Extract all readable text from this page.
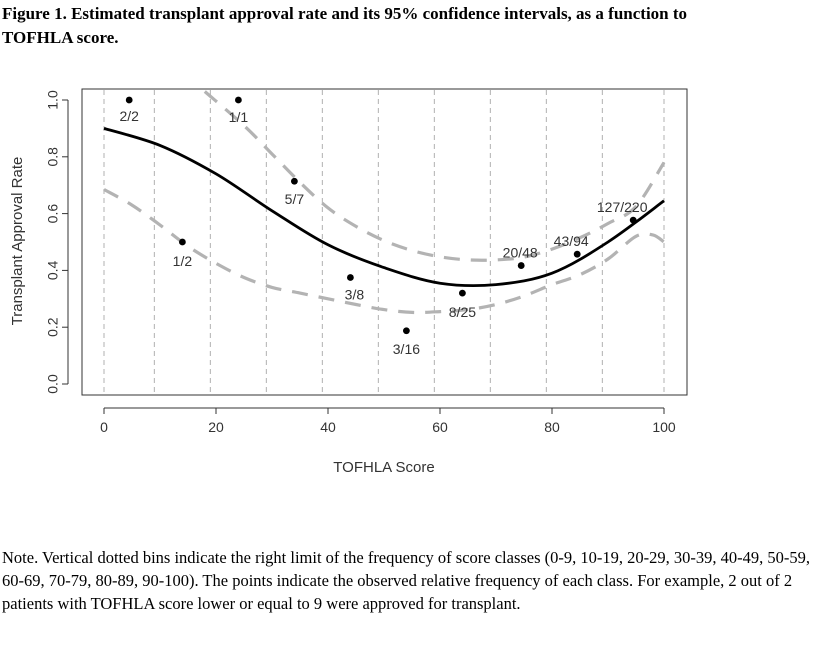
Figure 1. Estimated transplant approval rate and its 95% confidence intervals, as a function to TOFHLA score.
2/2
1/2
1/1
5/7
3/8
3/16
8/25
20/48
43/94
127/220
0	20	40	60	80	100
0.0
0.2
0.4
0.6
0.8
1.0
TOFHLA Score
Transplant Approval Rate
Note. Vertical dotted bins indicate the right limit of the frequency of score classes (0-9, 10-19, 20-29, 30-39, 40-49, 50-59, 60-69, 70-79, 80-89, 90-100). The points indicate the observed relative frequency of each class. For example, 2 out of 2 patients with TOFHLA score lower or equal to 9 were approved for transplant.
